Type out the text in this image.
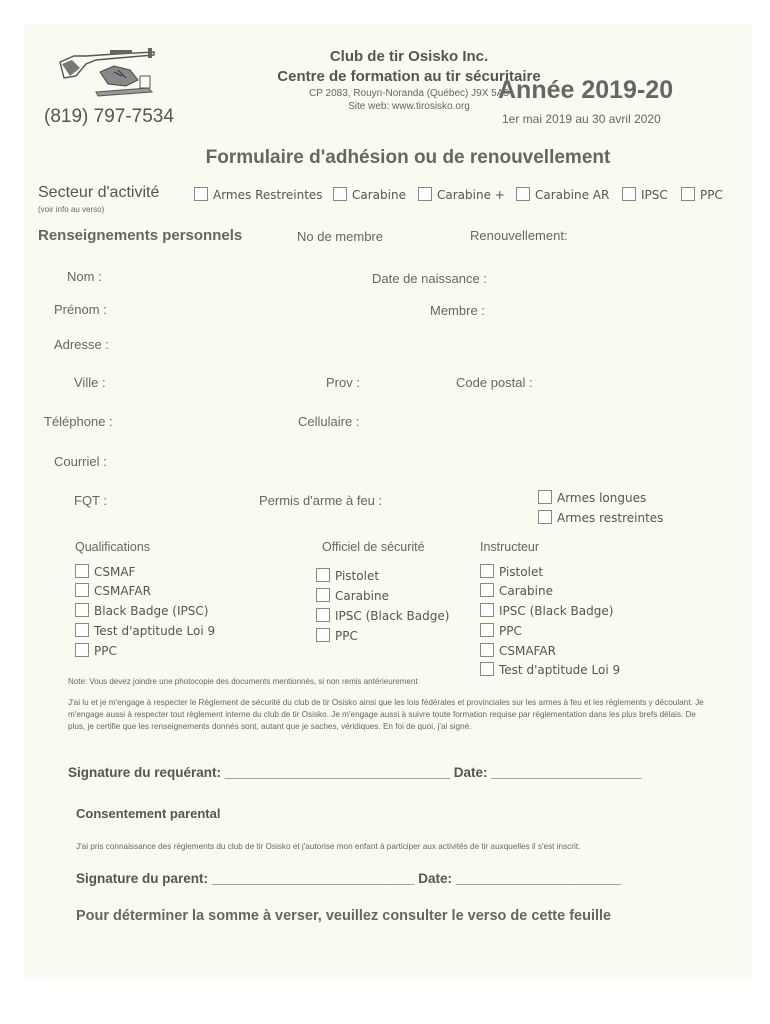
Club de tir Osisko Inc.
Centre de formation au tir sécuritaire
CP 2083, Rouyn-Noranda (Québec) J9X 5A5
Site web: www.tirosisko.org
(819) 797-7534
Année 2019-20
1er mai 2019 au 30 avril 2020
Formulaire d'adhésion ou de renouvellement
Secteur d'activité
(voir info au verso)
Armes Restreintes	Carabine	Carabine +	Carabine AR	IPSC	PPC
Renseignements personnels	No de membre	Renouvellement:
Nom :	Date de naissance :
Prénom :	Membre :
Adresse :
Ville :	Prov :	Code postal :
Téléphone :	Cellulaire :
Courriel :
FQT :	Permis d'arme à feu :	Armes longues
Armes restreintes
Qualifications
CSMAF
CSMAFAR
Black Badge (IPSC)
Test d'aptitude Loi 9
PPC
Officiel de sécurité
Pistolet
Carabine
IPSC (Black Badge)
PPC
Instructeur
Pistolet
Carabine
IPSC (Black Badge)
PPC
CSMAFAR
Test d'aptitude Loi 9
Note: Vous devez joindre une photocopie des documents mentionnés, si non remis antérieurement
J'ai lu et je m'engage à respecter le Règlement de sécurité du club de tir Osisko ainsi que les lois fédérales et provinciales sur les armes à feu et les règlements y découlant. Je m'engage aussi à respecter tout règlement interne du club de tir Osisko. Je m'engage aussi à suivre toute formation requise par réglementation dans les plus brefs délais. De plus, je certifie que les renseignements donnés sont, autant que je saches, véridiques. En foi de quoi, j'ai signé.
Signature du requérant: ______________________________ Date: ____________________
Consentement parental
J'ai pris connaissance des règlements du club de tir Osisko et j'autorise mon enfant à participer aux activités de tir auxquelles il s'est inscrit.
Signature du parent: ___________________________ Date: ______________________
Pour déterminer la somme à verser, veuillez consulter le verso de cette feuille
